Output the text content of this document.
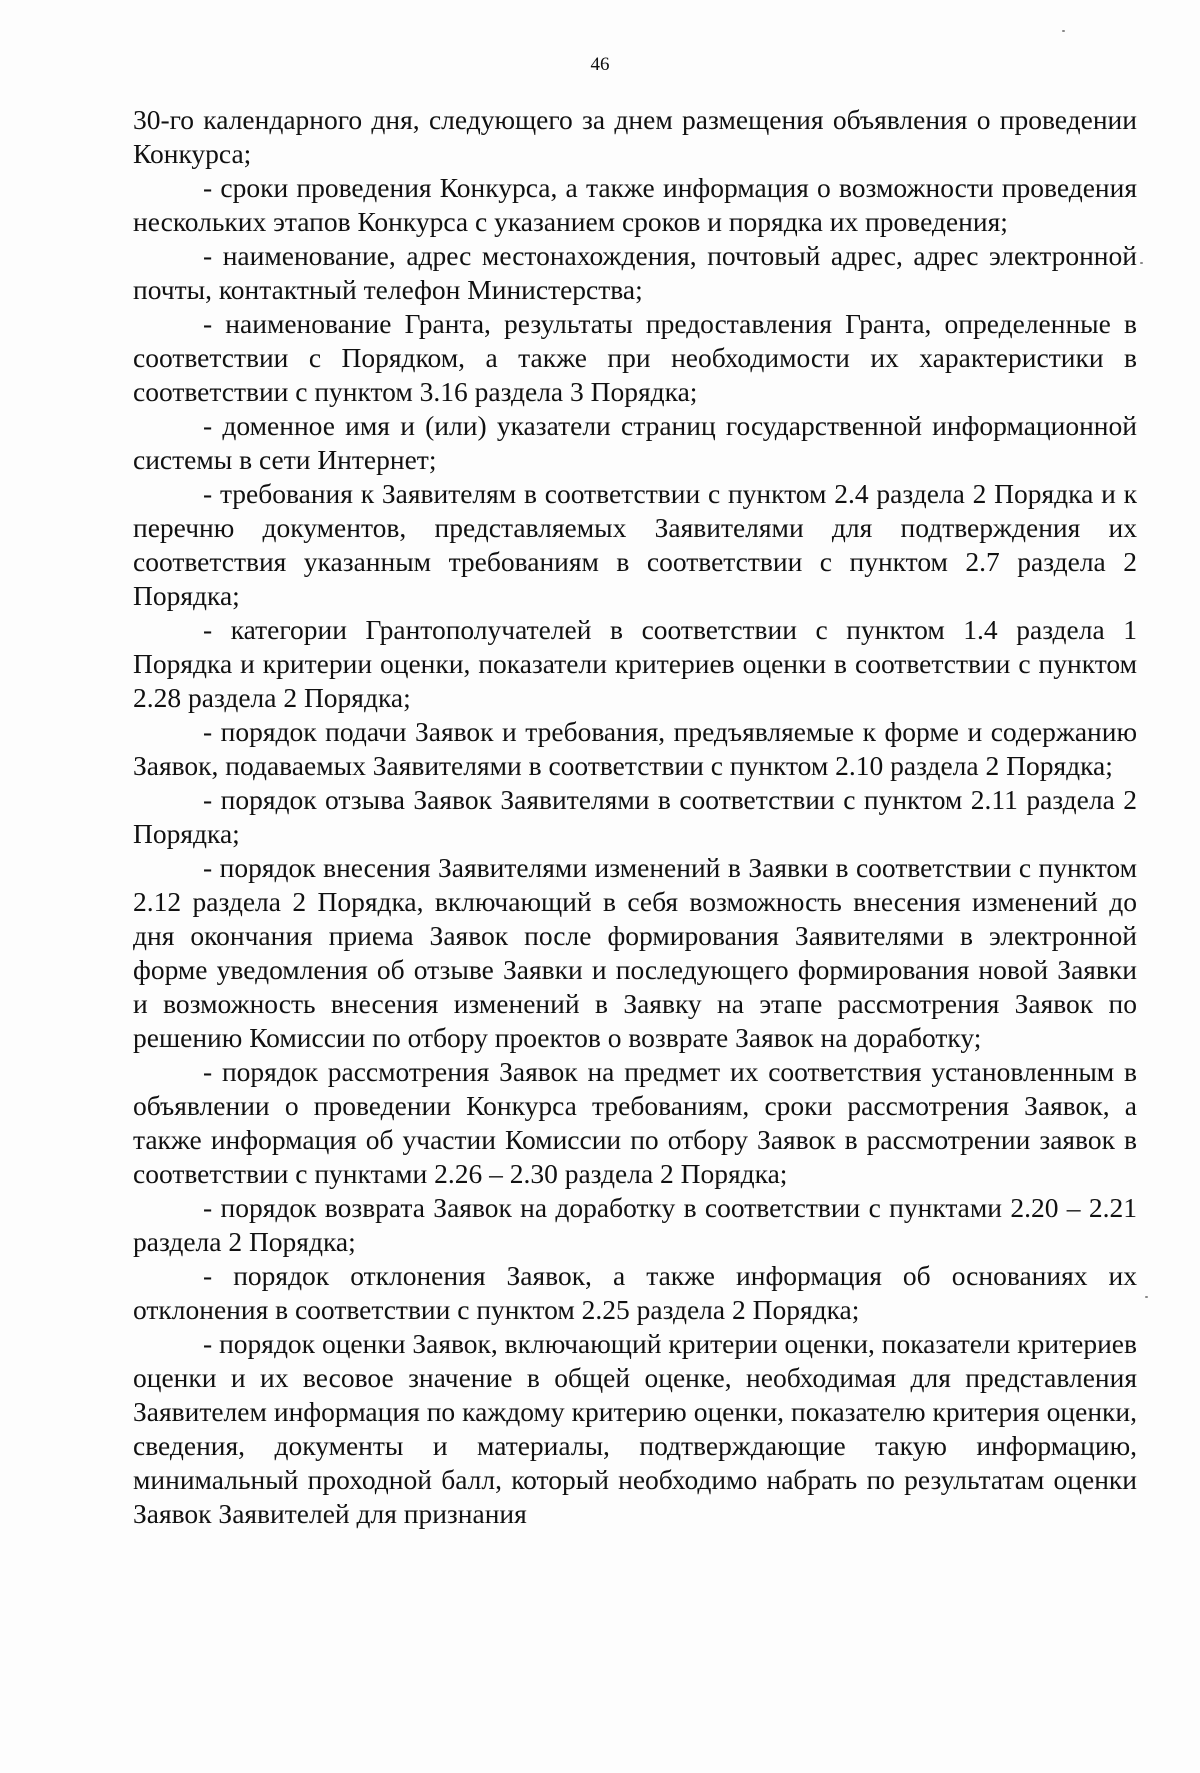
46

30-го календарного дня, следующего за днем размещения объявления о проведении Конкурса;

- сроки проведения Конкурса, а также информация о возможности проведения нескольких этапов Конкурса с указанием сроков и порядка их проведения;

- наименование, адрес местонахождения, почтовый адрес, адрес электронной почты, контактный телефон Министерства;

- наименование Гранта, результаты предоставления Гранта, определенные в соответствии с Порядком, а также при необходимости их характеристики в соответствии с пунктом 3.16 раздела 3 Порядка;

- доменное имя и (или) указатели страниц государственной информационной системы в сети Интернет;

- требования к Заявителям в соответствии с пунктом 2.4 раздела 2 Порядка и к перечню документов, представляемых Заявителями для подтверждения их соответствия указанным требованиям в соответствии с пунктом 2.7 раздела 2 Порядка;

- категории Грантополучателей в соответствии с пунктом 1.4 раздела 1 Порядка и критерии оценки, показатели критериев оценки в соответствии с пунктом 2.28 раздела 2 Порядка;

- порядок подачи Заявок и требования, предъявляемые к форме и содержанию Заявок, подаваемых Заявителями в соответствии с пунктом 2.10 раздела 2 Порядка;

- порядок отзыва Заявок Заявителями в соответствии с пунктом 2.11 раздела 2 Порядка;

- порядок внесения Заявителями изменений в Заявки в соответствии с пунктом 2.12 раздела 2 Порядка, включающий в себя возможность внесения изменений до дня окончания приема Заявок после формирования Заявителями в электронной форме уведомления об отзыве Заявки и последующего формирования новой Заявки и возможность внесения изменений в Заявку на этапе рассмотрения Заявок по решению Комиссии по отбору проектов о возврате Заявок на доработку;

- порядок рассмотрения Заявок на предмет их соответствия установленным в объявлении о проведении Конкурса требованиям, сроки рассмотрения Заявок, а также информация об участии Комиссии по отбору Заявок в рассмотрении заявок в соответствии с пунктами 2.26 – 2.30 раздела 2 Порядка;

- порядок возврата Заявок на доработку в соответствии с пунктами 2.20 – 2.21 раздела 2 Порядка;

- порядок отклонения Заявок, а также информация об основаниях их отклонения в соответствии с пунктом 2.25 раздела 2 Порядка;

- порядок оценки Заявок, включающий критерии оценки, показатели критериев оценки и их весовое значение в общей оценке, необходимая для представления Заявителем информация по каждому критерию оценки, показателю критерия оценки, сведения, документы и материалы, подтверждающие такую информацию, минимальный проходной балл, который необходимо набрать по результатам оценки Заявок Заявителей для признания
